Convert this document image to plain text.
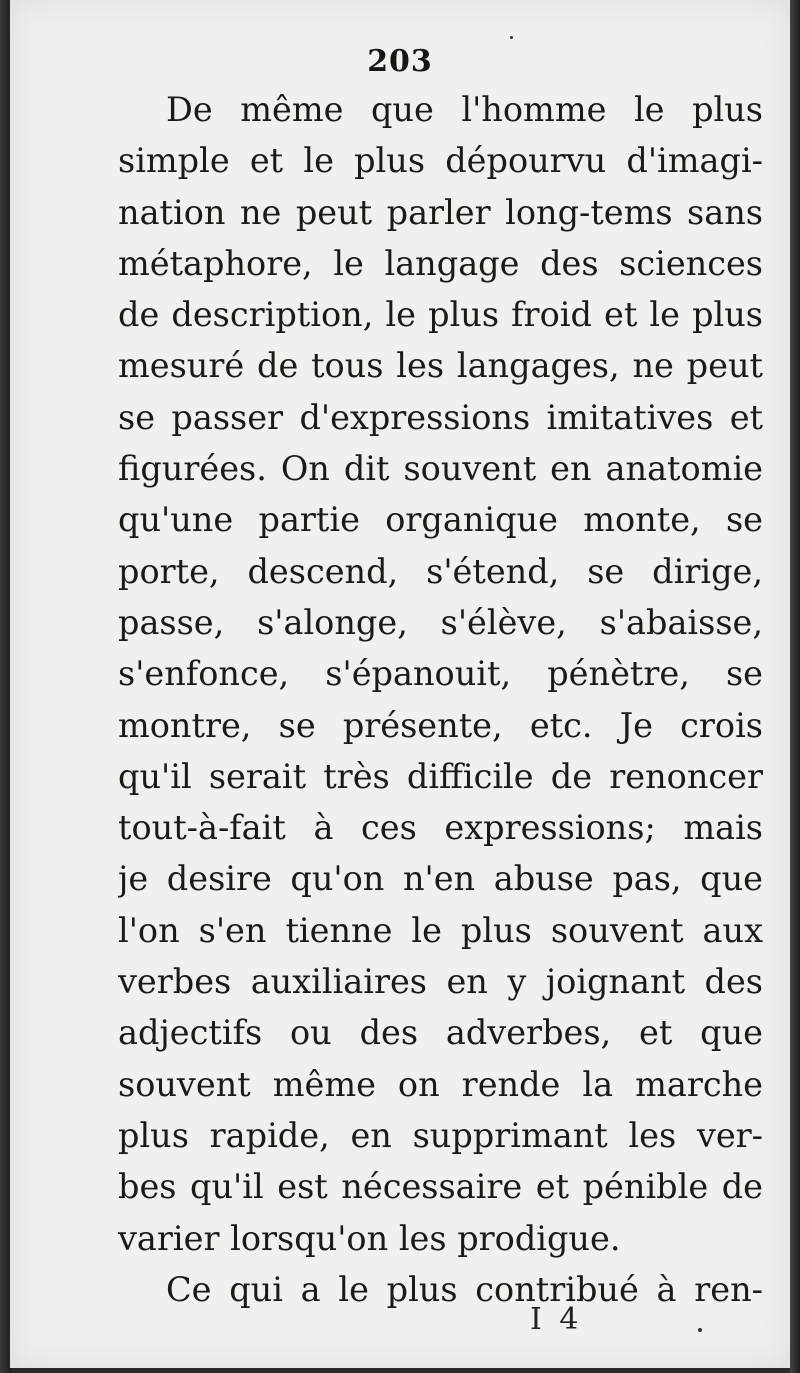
203
De même que l'homme le plus
simple et le plus dépourvu d'imagi-
nation ne peut parler long-tems sans
métaphore, le langage des sciences
de description, le plus froid et le plus
mesuré de tous les langages, ne peut
se passer d'expressions imitatives et
figurées. On dit souvent en anatomie
qu'une partie organique monte, se
porte, descend, s'étend, se dirige,
passe, s'alonge, s'élève, s'abaisse,
s'enfonce, s'épanouit, pénètre, se
montre, se présente, etc. Je crois
qu'il serait très difficile de renoncer
tout-à-fait à ces expressions; mais
je desire qu'on n'en abuse pas, que
l'on s'en tienne le plus souvent aux
verbes auxiliaires en y joignant des
adjectifs ou des adverbes, et que
souvent même on rende la marche
plus rapide, en supprimant les ver-
bes qu'il est nécessaire et pénible de
varier lorsqu'on les prodigue.
Ce qui a le plus contribué à ren-
I 4
